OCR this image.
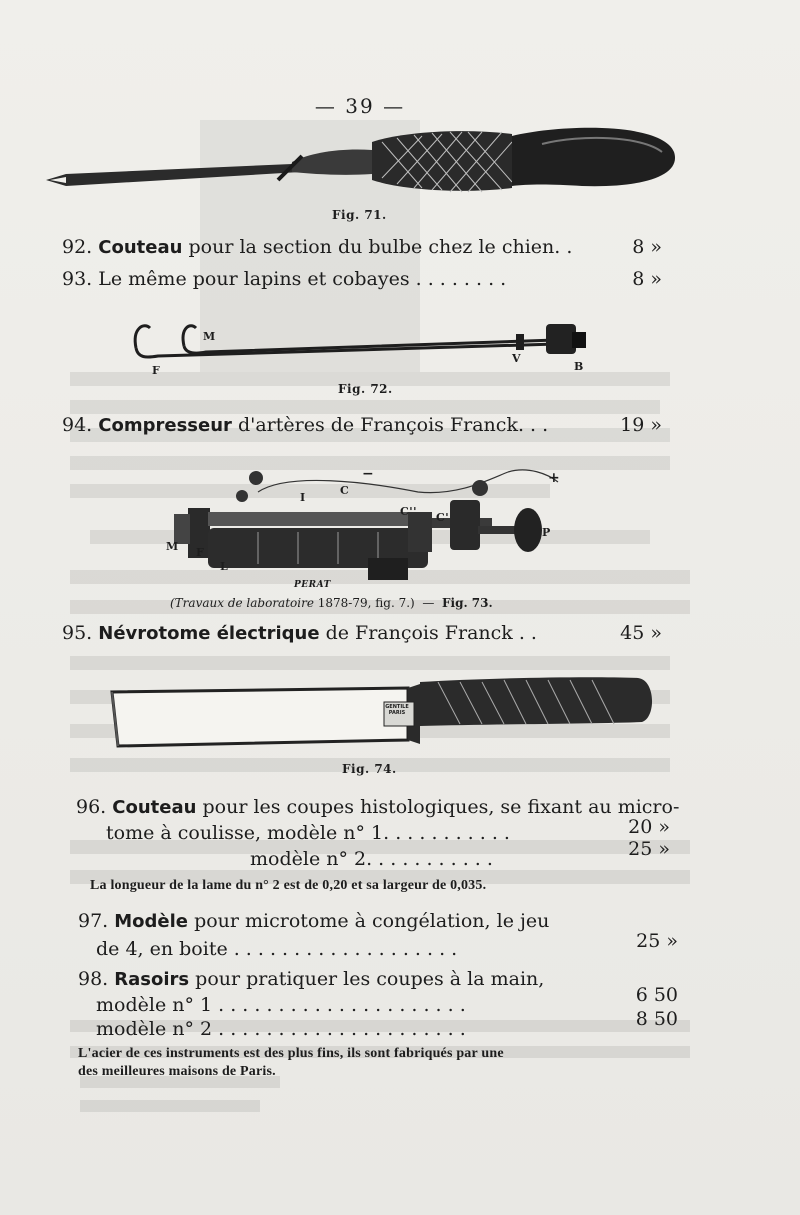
— 39 —
Fig. 71.
92. Couteau pour la section du bulbe chez le chien. .	8 »
93. Le même pour lapins et cobayes . . . . . . . .	8 »
M
F
V
B
Fig. 72.
94. Compresseur d'artères de François Franck. . .	19 »
I
C
C'' C'
M F
L
P
−	+
PERAT
(Travaux de laboratoire 1878-79, fig. 7.) — Fig. 73.
95. Névrotome électrique de François Franck . .	45 »
GENTILE PARIS
Fig. 74.
96. Couteau pour les coupes histologiques, se fixant au micro-
tome à coulisse, modèle n° 1. . . . . . . . . . .	20 »
modèle n° 2. . . . . . . . . . .	25 »
La longueur de la lame du n° 2 est de 0,20 et sa largeur de 0,035.
97. Modèle pour microtome à congélation, le jeu
de 4, en boite . . . . . . . . . . . . . . . . . . .	25 »
98. Rasoirs pour pratiquer les coupes à la main,
modèle n° 1 . . . . . . . . . . . . . . . . . . . . .	6 50
modèle n° 2 . . . . . . . . . . . . . . . . . . . . .	8 50
L'acier de ces instruments est des plus fins, ils sont fabriqués par une
des meilleures maisons de Paris.
